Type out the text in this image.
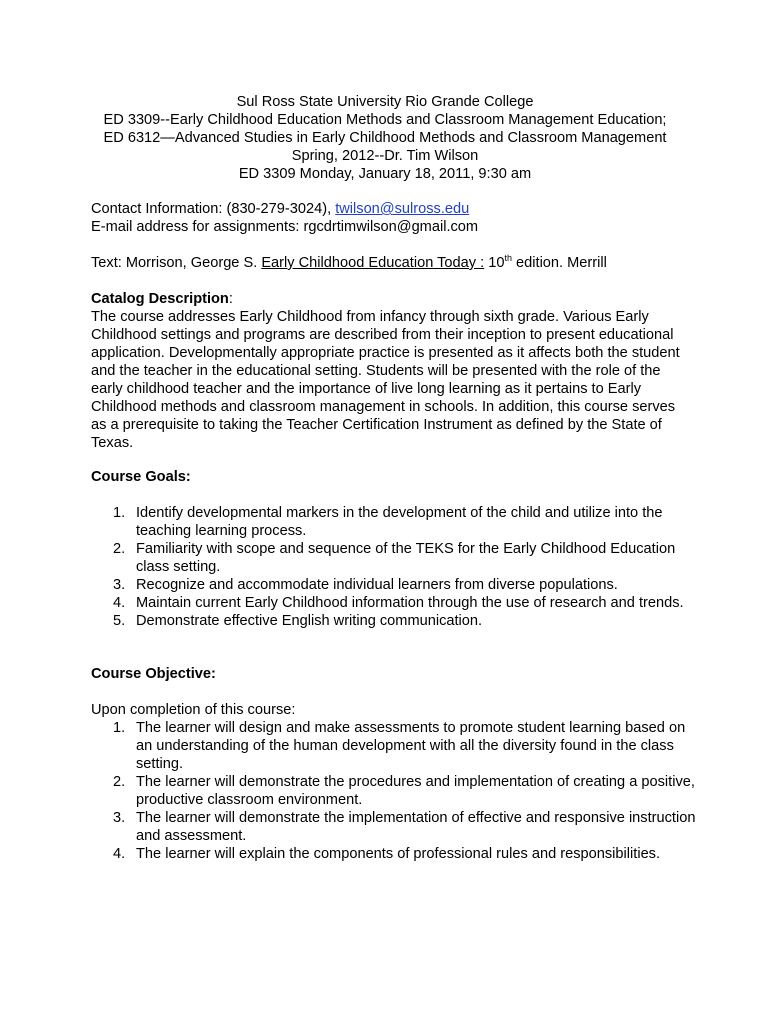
Sul Ross State University Rio Grande College

ED 3309--Early Childhood Education Methods and Classroom Management Education;

ED 6312—Advanced Studies in Early Childhood Methods and Classroom Management

Spring, 2012--Dr. Tim Wilson

ED 3309 Monday, January 18, 2011, 9:30 am

Contact Information: (830-279-3024), twilson@sulross.edu

E-mail address for assignments: rgcdrtimwilson@gmail.com

Text: Morrison, George S. Early Childhood Education Today : 10th edition. Merrill

Catalog Description:

The course addresses Early Childhood from infancy through sixth grade. Various Early Childhood settings and programs are described from their inception to present educational application. Developmentally appropriate practice is presented as it affects both the student and the teacher in the educational setting. Students will be presented with the role of the early childhood teacher and the importance of live long learning as it pertains to Early Childhood methods and classroom management in schools. In addition, this course serves as a prerequisite to taking the Teacher Certification Instrument as defined by the State of Texas.

Course Goals:

1. Identify developmental markers in the development of the child and utilize into the teaching learning process.
2. Familiarity with scope and sequence of the TEKS for the Early Childhood Education class setting.
3. Recognize and accommodate individual learners from diverse populations.
4. Maintain current Early Childhood information through the use of research and trends.
5. Demonstrate effective English writing communication.

Course Objective:

Upon completion of this course:

1. The learner will design and make assessments to promote student learning based on an understanding of the human development with all the diversity found in the class setting.
2. The learner will demonstrate the procedures and implementation of creating a positive, productive classroom environment.
3. The learner will demonstrate the implementation of effective and responsive instruction and assessment.
4. The learner will explain the components of professional rules and responsibilities.
